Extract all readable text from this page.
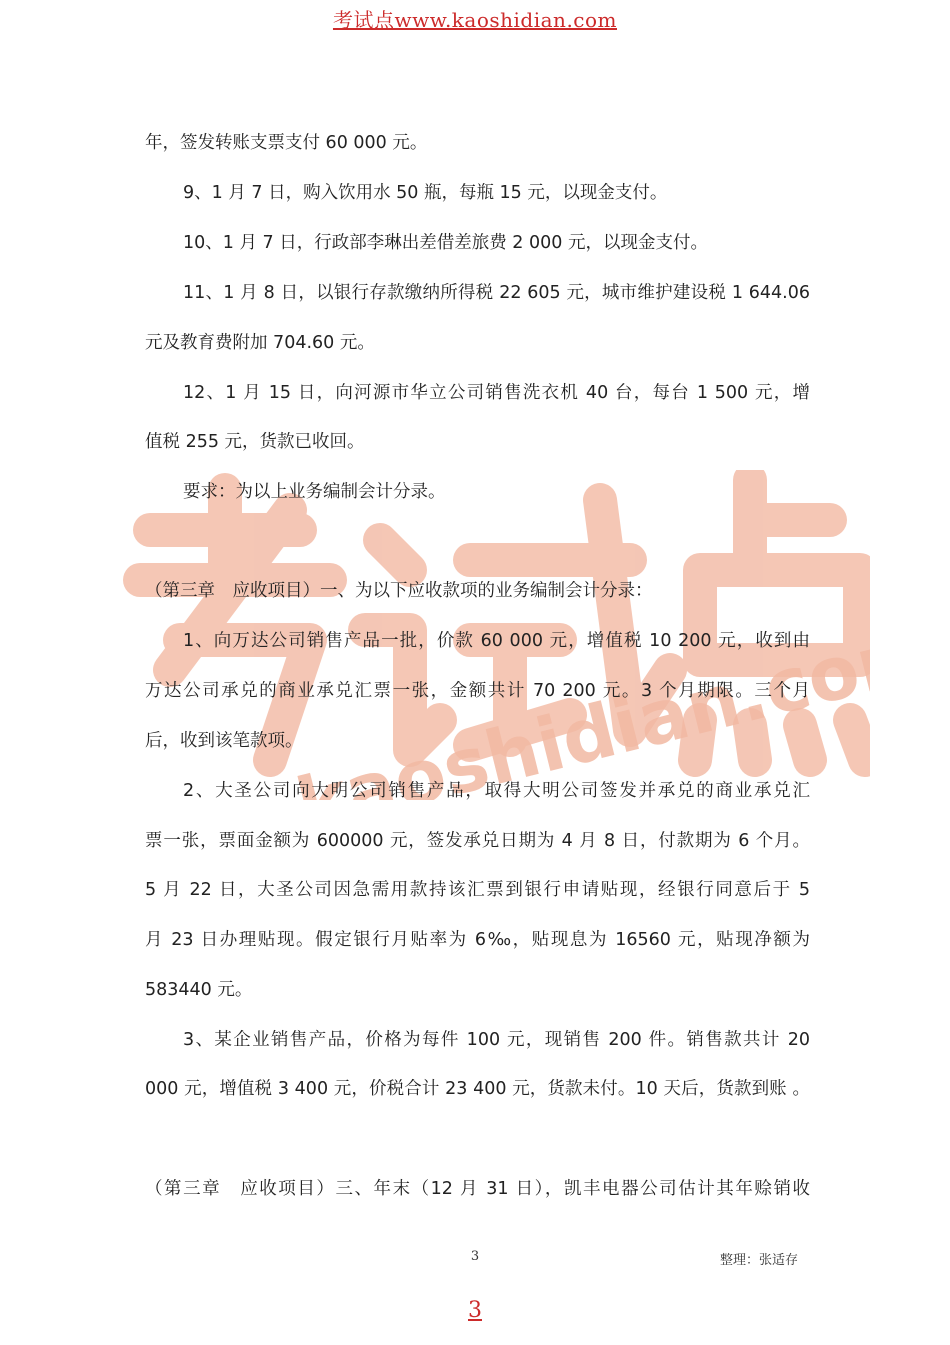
考试点www.kaoshidian.com
kaoshidian.com
年，签发转账支票支付 60 000 元。
9、1 月 7 日，购入饮用水 50 瓶，每瓶 15 元，以现金支付。
10、1 月 7 日，行政部李琳出差借差旅费 2 000 元，以现金支付。
11、1 月 8 日，以银行存款缴纳所得税 22 605 元，城市维护建设税 1 644.06
元及教育费附加 704.60 元。
12、1 月 15 日，向河源市华立公司销售洗衣机 40 台，每台 1 500 元，增
值税 255 元，货款已收回。
要求：为以上业务编制会计分录。
（第三章　应收项目）一、为以下应收款项的业务编制会计分录：
1、向万达公司销售产品一批，价款 60 000 元，增值税 10 200 元，收到由
万达公司承兑的商业承兑汇票一张，金额共计 70 200 元。3 个月期限。三个月
后，收到该笔款项。
2、大圣公司向大明公司销售产品，取得大明公司签发并承兑的商业承兑汇
票一张，票面金额为 600000 元，签发承兑日期为 4 月 8 日，付款期为 6 个月。
5 月 22 日，大圣公司因急需用款持该汇票到银行申请贴现，经银行同意后于 5
月 23 日办理贴现。假定银行月贴率为 6‰，贴现息为 16560 元，贴现净额为
583440 元。
3、某企业销售产品，价格为每件 100 元，现销售 200 件。销售款共计 20
000 元，增值税 3 400 元，价税合计 23 400 元，货款未付。10 天后，货款到账 。
（第三章　应收项目）三、年末（12 月 31 日），凯丰电器公司估计其年赊销收
3	整理：张适存
3
